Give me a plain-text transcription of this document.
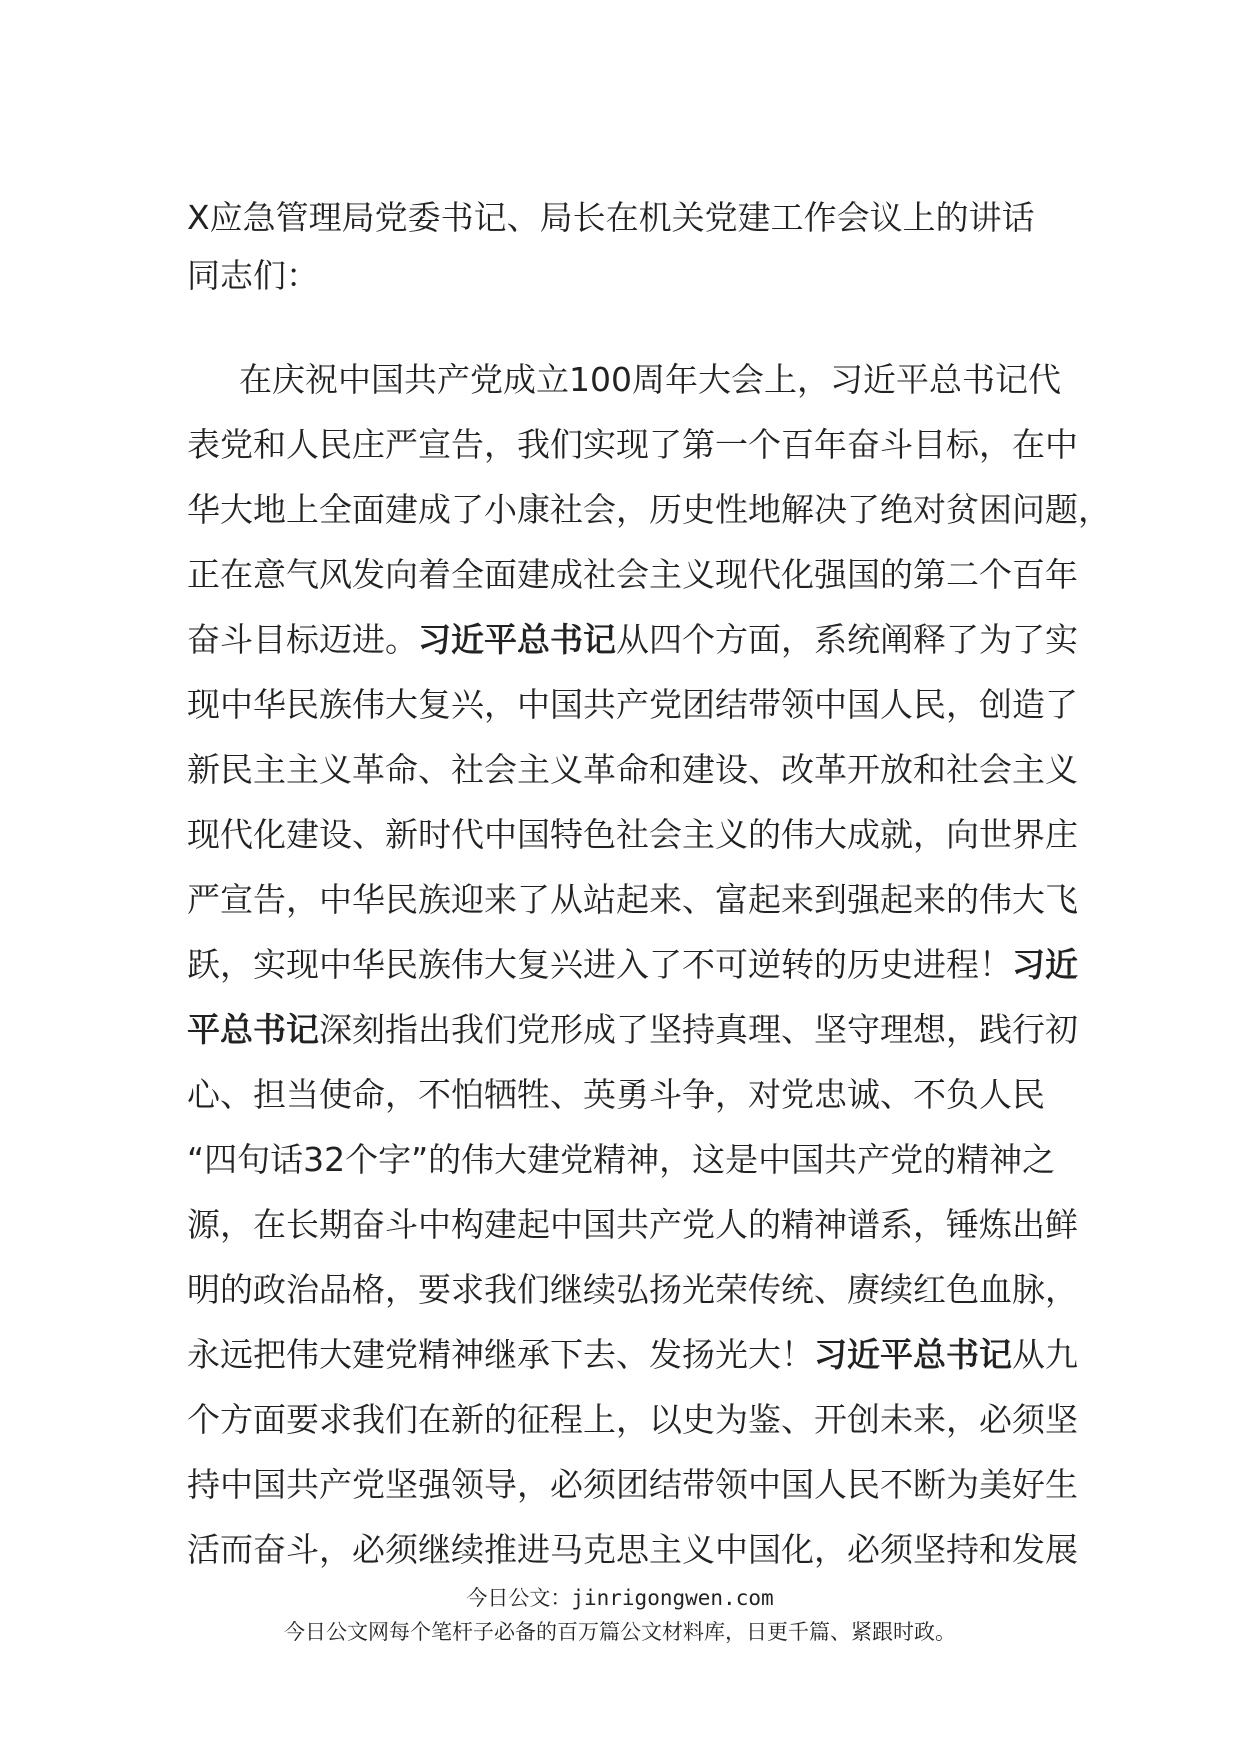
X应急管理局党委书记、局长在机关党建工作会议上的讲话

同志们：

在庆祝中国共产党成立100周年大会上，习近平总书记代
表党和人民庄严宣告，我们实现了第一个百年奋斗目标，在中
华大地上全面建成了小康社会，历史性地解决了绝对贫困问题，
正在意气风发向着全面建成社会主义现代化强国的第二个百年
奋斗目标迈进。习近平总书记从四个方面，系统阐释了为了实
现中华民族伟大复兴，中国共产党团结带领中国人民，创造了
新民主主义革命、社会主义革命和建设、改革开放和社会主义
现代化建设、新时代中国特色社会主义的伟大成就，向世界庄
严宣告，中华民族迎来了从站起来、富起来到强起来的伟大飞
跃，实现中华民族伟大复兴进入了不可逆转的历史进程！习近
平总书记深刻指出我们党形成了坚持真理、坚守理想，践行初
心、担当使命，不怕牺牲、英勇斗争，对党忠诚、不负人民
“四句话32个字”的伟大建党精神，这是中国共产党的精神之
源，在长期奋斗中构建起中国共产党人的精神谱系，锤炼出鲜
明的政治品格，要求我们继续弘扬光荣传统、赓续红色血脉，
永远把伟大建党精神继承下去、发扬光大！习近平总书记从九
个方面要求我们在新的征程上，以史为鉴、开创未来，必须坚
持中国共产党坚强领导，必须团结带领中国人民不断为美好生
活而奋斗，必须继续推进马克思主义中国化，必须坚持和发展

今日公文：jinrigongwen.com

今日公文网每个笔杆子必备的百万篇公文材料库，日更千篇、紧跟时政。
